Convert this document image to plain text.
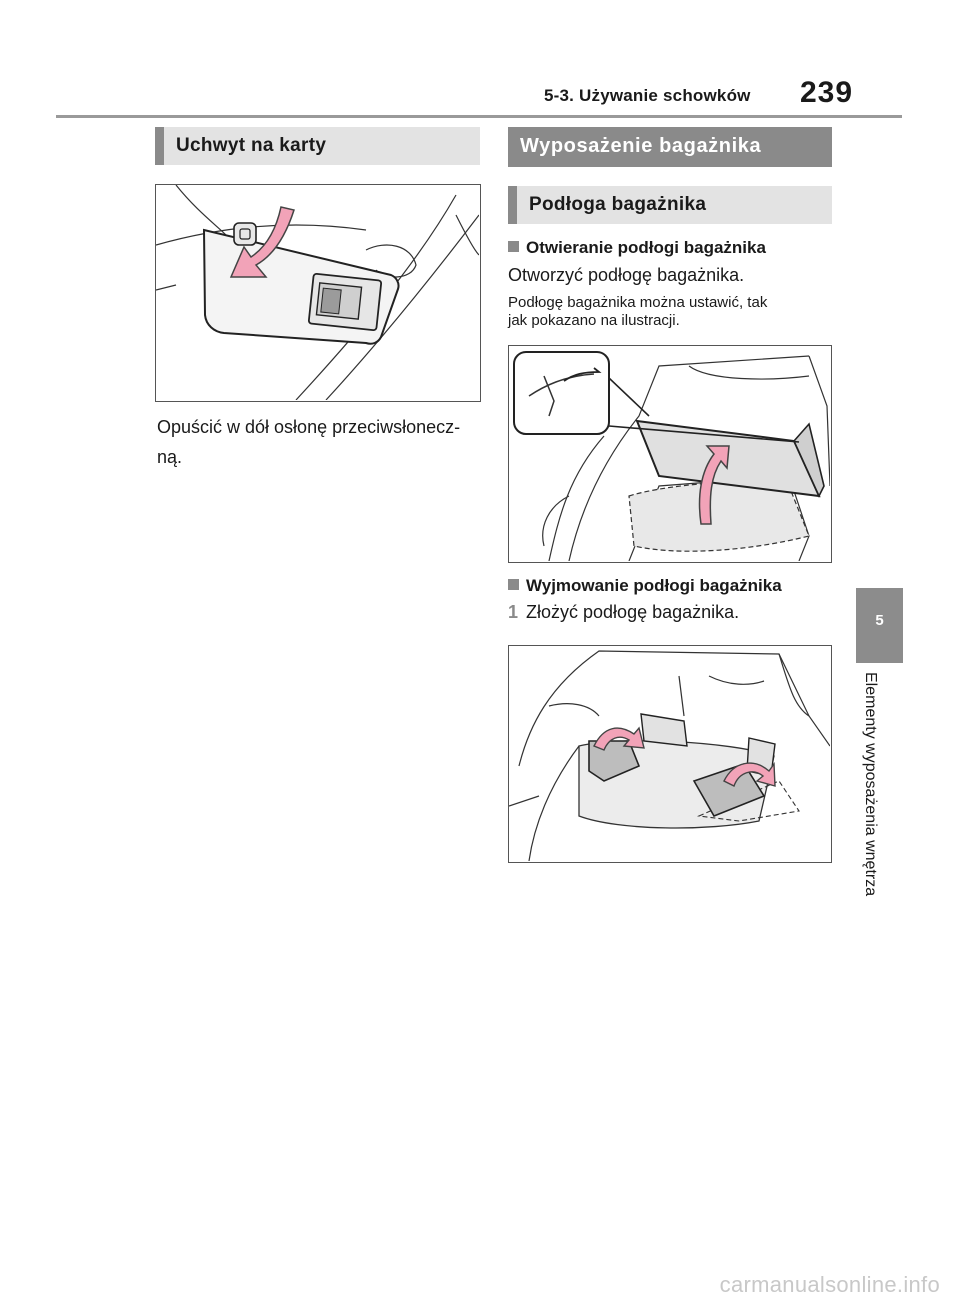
5-3. Używanie schowków 239
5
Elementy wyposażenia wnętrza
Uchwyt na karty
Opuścić w dół osłonę przeciwsłonecz-
ną.
Wyposażenie bagażnika
Podłoga bagażnika
Otwieranie podłogi bagażnika
Otworzyć podłogę bagażnika.
Podłogę bagażnika można ustawić, tak
jak pokazano na ilustracji.
Wyjmowanie podłogi bagażnika
1 Złożyć podłogę bagażnika.
carmanualsonline.info
